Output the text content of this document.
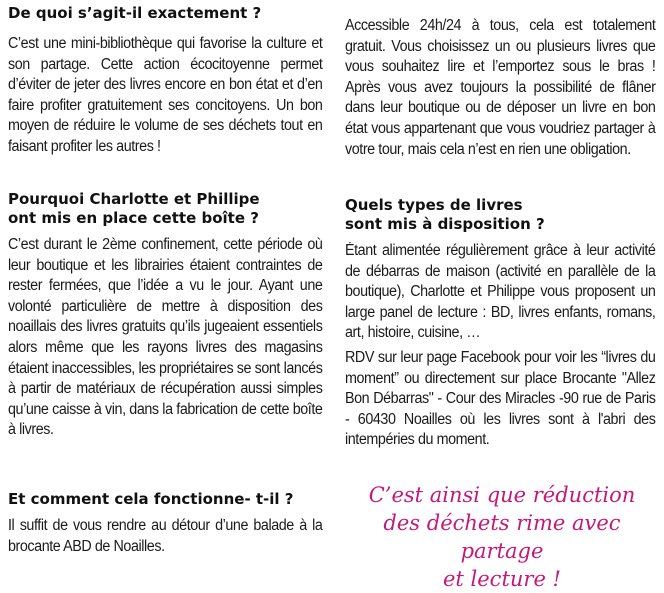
De quoi s’agit-il exactement ?

C’est une mini-bibliothèque qui favorise la culture et son partage. Cette action écocitoyenne permet d’éviter de jeter des livres encore en bon état et d’en faire profiter gratuitement ses concitoyens. Un bon moyen de réduire le volume de ses déchets tout en faisant profiter les autres !

Pourquoi Charlotte et Phillipe
ont mis en place cette boîte ?

C’est durant le 2ème confinement, cette période où leur boutique et les librairies étaient contraintes de rester fermées, que l’idée a vu le jour. Ayant une volonté particulière de mettre à disposition des noaillais des livres gratuits qu’ils jugeaient essentiels alors même que les rayons livres des magasins étaient inaccessibles, les propriétaires se sont lancés à partir de matériaux de récupération aussi simples qu’une caisse à vin, dans la fabrication de cette boîte à livres.

Et comment cela fonctionne- t-il ?

Il suffit de vous rendre au détour d’une balade à la brocante ABD de Noailles.

Accessible 24h/24 à tous, cela est totalement gratuit. Vous choisissez un ou plusieurs livres que vous souhaitez lire et l’emportez sous le bras ! Après vous avez toujours la possibilité de flâner dans leur boutique ou de déposer un livre en bon état vous appartenant que vous voudriez partager à votre tour, mais cela n’est en rien une obligation.

Quels types de livres
sont mis à disposition ?

Étant alimentée régulièrement grâce à leur activité de débarras de maison (activité en parallèle de la boutique), Charlotte et Philippe vous proposent un large panel de lecture : BD, livres enfants, romans, art, histoire, cuisine, …

RDV sur leur page Facebook pour voir les “livres du moment” ou directement sur place Brocante "Allez Bon Débarras" - Cour des Miracles -90 rue de Paris - 60430 Noailles où les livres sont à l'abri des intempéries du moment.

C’est ainsi que réduction
des déchets rime avec partage
et lecture !
